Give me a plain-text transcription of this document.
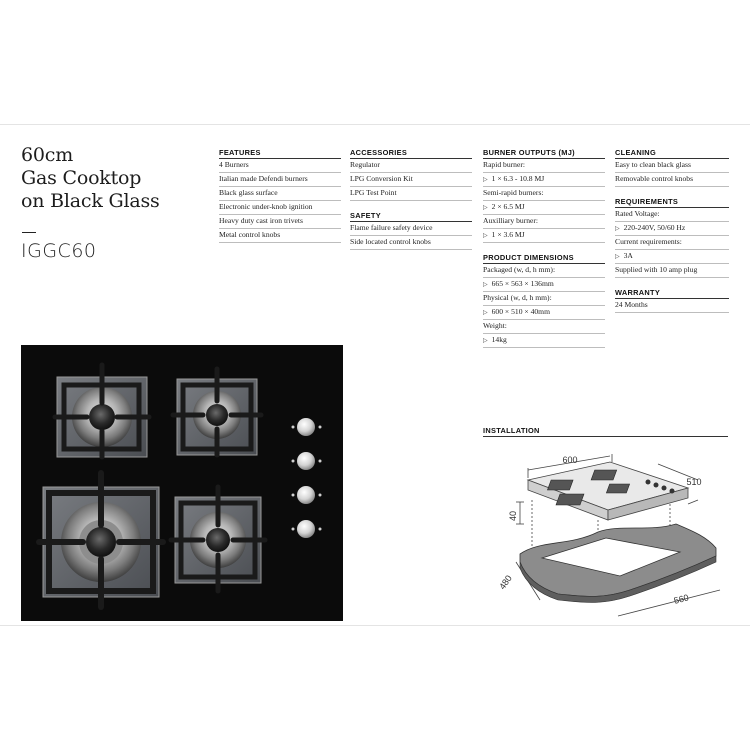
60cm
Gas Cooktop
on Black Glass
IGGC60
FEATURES
4 Burners
Italian made Defendi burners
Black glass surface
Electronic under-knob ignition
Heavy duty cast iron trivets
Metal control knobs
ACCESSORIES
Regulator
LPG Conversion Kit
LPG Test Point
SAFETY
Flame failure safety device
Side located control knobs
BURNER OUTPUTS (MJ)
Rapid burner:
▷ 1 × 6.3 - 10.8 MJ
Semi-rapid burners:
▷ 2 × 6.5 MJ
Auxilliary burner:
▷ 1 × 3.6 MJ
PRODUCT DIMENSIONS
Packaged (w, d, h mm):
▷ 665 × 563 × 136mm
Physical (w, d, h mm):
▷ 600 × 510 × 40mm
Weight:
▷ 14kg
CLEANING
Easy to clean black glass
Removable control knobs
REQUIREMENTS
Rated Voltage:
▷ 220-240V, 50/60 Hz
Current requirements:
▷ 3A
Supplied with 10 amp plug
WARRANTY
24 Months
INSTALLATION
600
510
40
480
560
